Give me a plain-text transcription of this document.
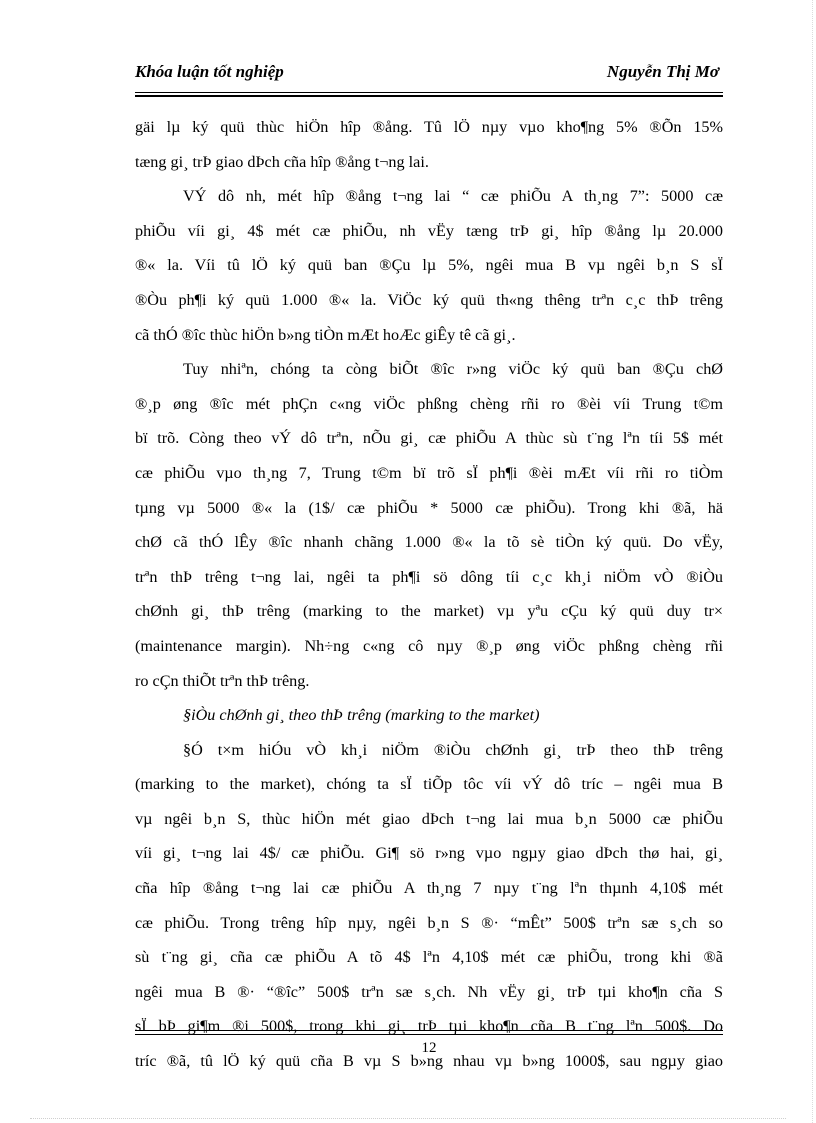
Khóa luận tốt nghiệp	Nguyễn Thị Mơ
gäi lµ ký quü thùc hiÖn hîp ®ång. Tû lÖ nµy vµo kho¶ng 5% ®Õn 15%
tæng gi¸ trÞ giao dÞch cña hîp ®ång t¬ng lai.
VÝ dô nh, mét hîp ®ång t¬ng lai “ cæ phiÕu A th¸ng 7”: 5000 cæ
phiÕu víi gi¸ 4$ mét cæ phiÕu, nh vËy tæng trÞ gi¸ hîp ®ång lµ 20.000
®« la. Víi tû lÖ ký quü ban ®Çu lµ 5%, ngêi mua B vµ ngêi b¸n S sÏ
®Òu ph¶i ký quü 1.000 ®« la. ViÖc ký quü th«ng thêng trªn c¸c thÞ trêng
cã thÓ ®îc thùc hiÖn b»ng tiÒn mÆt hoÆc giÊy tê cã gi¸.
Tuy nhiªn, chóng ta còng biÕt ®îc r»ng viÖc ký quü ban ®Çu chØ
®¸p øng ®îc mét phÇn c«ng viÖc phßng chèng rñi ro ®èi víi Trung t©m
bï trõ. Còng theo vÝ dô trªn, nÕu gi¸ cæ phiÕu A thùc sù t¨ng lªn tíi 5$ mét
cæ phiÕu vµo th¸ng 7, Trung t©m bï trõ sÏ ph¶i ®èi mÆt víi rñi ro tiÒm
tµng vµ 5000 ®« la (1$/ cæ phiÕu * 5000 cæ phiÕu). Trong khi ®ã, hä
chØ cã thÓ lÊy ®îc nhanh chãng 1.000 ®« la tõ sè tiÒn ký quü. Do vËy,
trªn thÞ trêng t¬ng lai, ngêi ta ph¶i sö dông tíi c¸c kh¸i niÖm vÒ ®iÒu
chØnh gi¸ thÞ trêng (marking to the market) vµ yªu cÇu ký quü duy tr×
(maintenance margin). Nh÷ng c«ng cô nµy ®¸p øng viÖc phßng chèng rñi
ro cÇn thiÕt trªn thÞ trêng.
§iÒu chØnh gi¸ theo thÞ trêng (marking to the market)
§Ó t×m hiÓu vÒ kh¸i niÖm ®iÒu chØnh gi¸ trÞ theo thÞ trêng
(marking to the market), chóng ta sÏ tiÕp tôc víi vÝ dô tríc – ngêi mua B
vµ ngêi b¸n S, thùc hiÖn mét giao dÞch t¬ng lai mua b¸n 5000 cæ phiÕu
víi gi¸ t¬ng lai 4$/ cæ phiÕu. Gi¶ sö r»ng vµo ngµy giao dÞch thø hai, gi¸
cña hîp ®ång t¬ng lai cæ phiÕu A th¸ng 7 nµy t¨ng lªn thµnh 4,10$ mét
cæ phiÕu. Trong trêng hîp nµy, ngêi b¸n S ®· “mÊt” 500$ trªn sæ s¸ch so
sù t¨ng gi¸ cña cæ phiÕu A tõ 4$ lªn 4,10$ mét cæ phiÕu, trong khi ®ã
ngêi mua B ®· “®îc” 500$ trªn sæ s¸ch. Nh vËy gi¸ trÞ tµi kho¶n cña S
sÏ bÞ gi¶m ®i 500$, trong khi gi¸ trÞ tµi kho¶n cña B t¨ng lªn 500$. Do
tríc ®ã, tû lÖ ký quü cña B vµ S b»ng nhau vµ b»ng 1000$, sau ngµy giao
12
